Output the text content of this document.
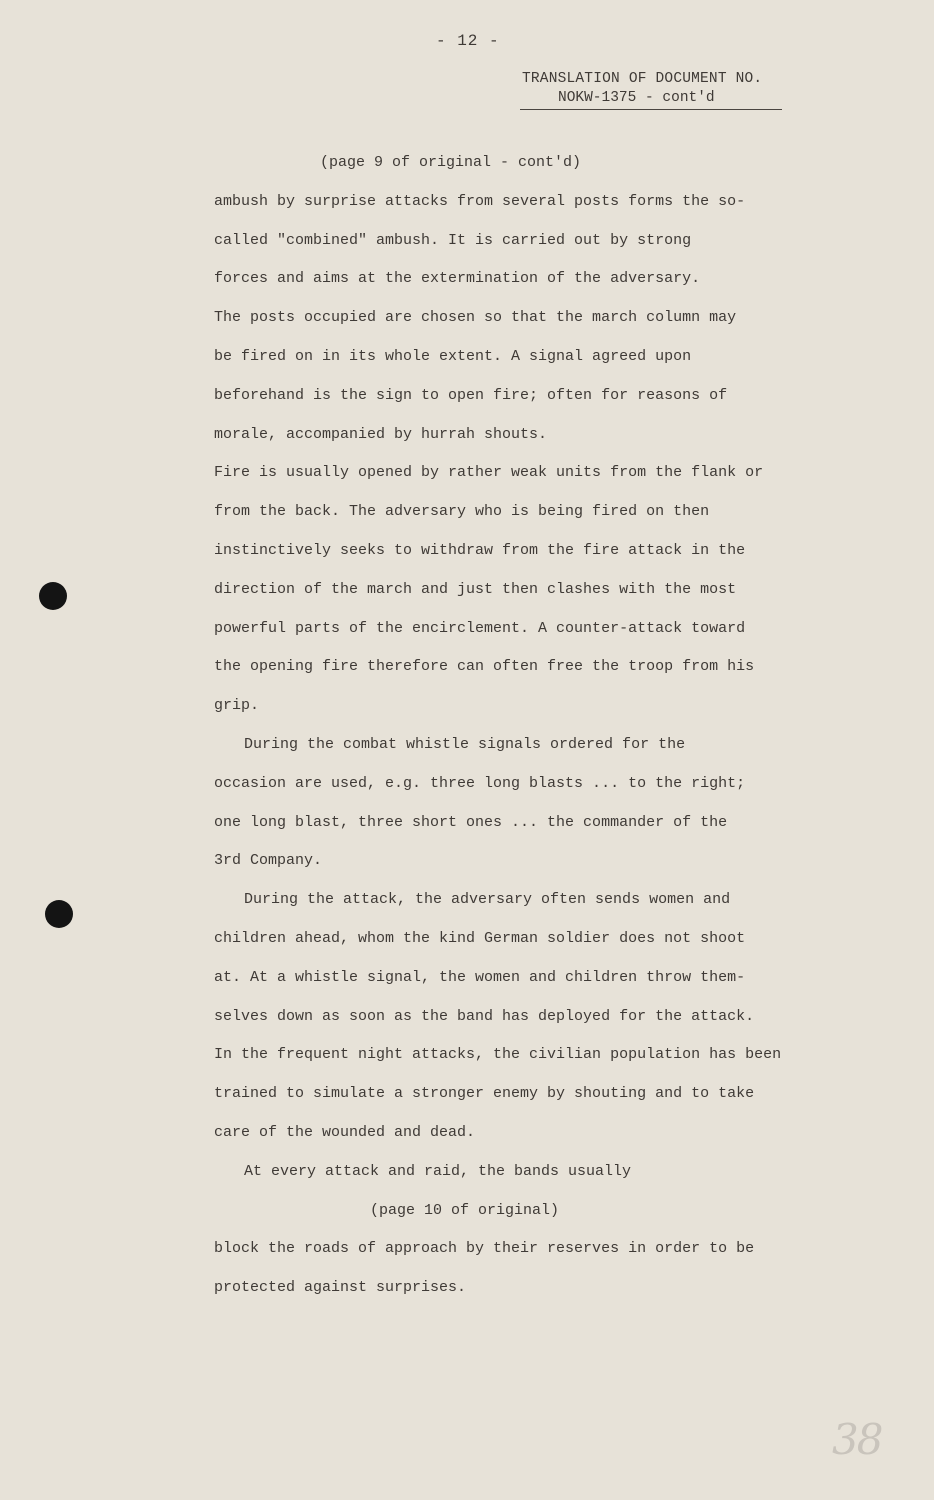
- 12 -
TRANSLATION OF DOCUMENT NO.
NOKW-1375 - cont'd
(page 9 of original - cont'd)
ambush by surprise attacks from several posts forms the so-
called "combined" ambush. It is carried out by strong
forces and aims at the extermination of the adversary.
The posts occupied are chosen so that the march column may
be fired on in its whole extent. A signal agreed upon
beforehand is the sign to open fire; often for reasons of
morale, accompanied by hurrah shouts.
Fire is usually opened by rather weak units from the flank or
from the back. The adversary who is being fired on then
instinctively seeks to withdraw from the fire attack in the
direction of the march and just then clashes with the most
powerful parts of the encirclement. A counter-attack toward
the opening fire therefore can often free the troop from his
grip.
During the combat whistle signals ordered for the
occasion are used, e.g. three long blasts ... to the right;
one long blast, three short ones ... the commander of the
3rd Company.
During the attack, the adversary often sends women and
children ahead, whom the kind German soldier does not shoot
at. At a whistle signal, the women and children throw them-
selves down as soon as the band has deployed for the attack.
In the frequent night attacks, the civilian population has been
trained to simulate a stronger enemy by shouting and to take
care of the wounded and dead.
At every attack and raid, the bands usually
(page 10 of original)
block the roads of approach by their reserves in order to be
protected against surprises.
38
